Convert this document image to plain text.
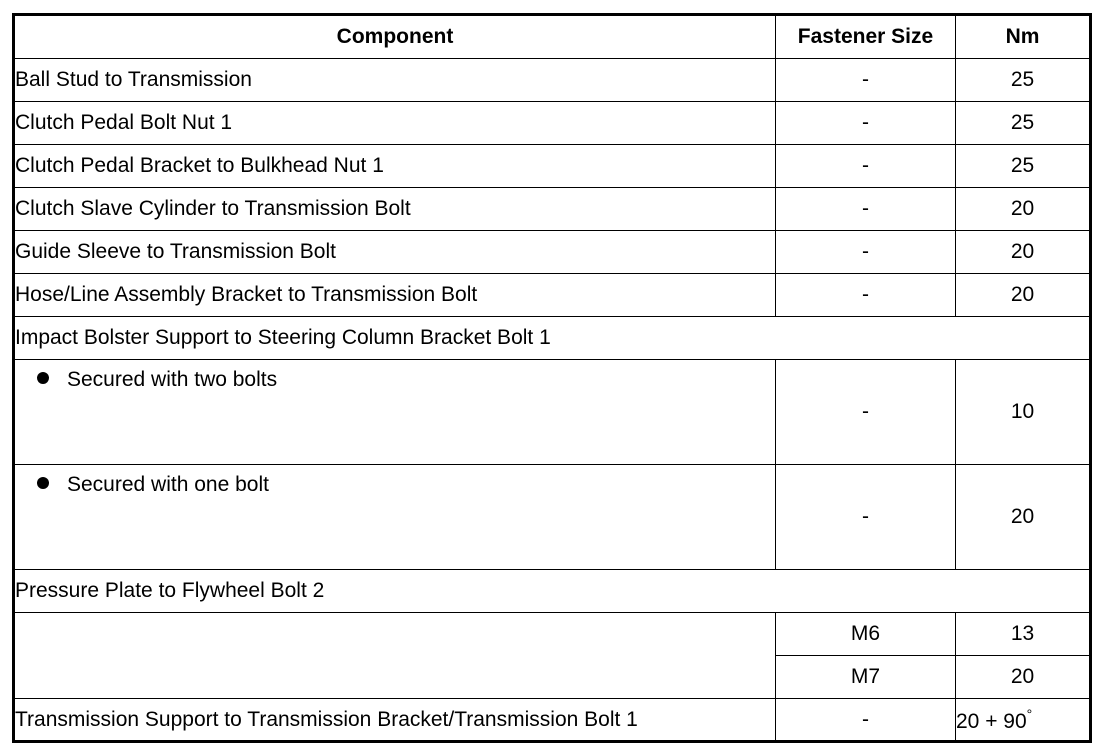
Component	Fastener Size	Nm
Ball Stud to Transmission	-	25
Clutch Pedal Bolt Nut 1	-	25
Clutch Pedal Bracket to Bulkhead Nut 1	-	25
Clutch Slave Cylinder to Transmission Bolt	-	20
Guide Sleeve to Transmission Bolt	-	20
Hose/Line Assembly Bracket to Transmission Bolt	-	20
Impact Bolster Support to Steering Column Bracket Bolt 1		
Secured with two bolts	-	10
Secured with one bolt	-	20
Pressure Plate to Flywheel Bolt 2		
	M6	13
	M7	20
Transmission Support to Transmission Bracket/Transmission Bolt 1	-	20 + 90°
